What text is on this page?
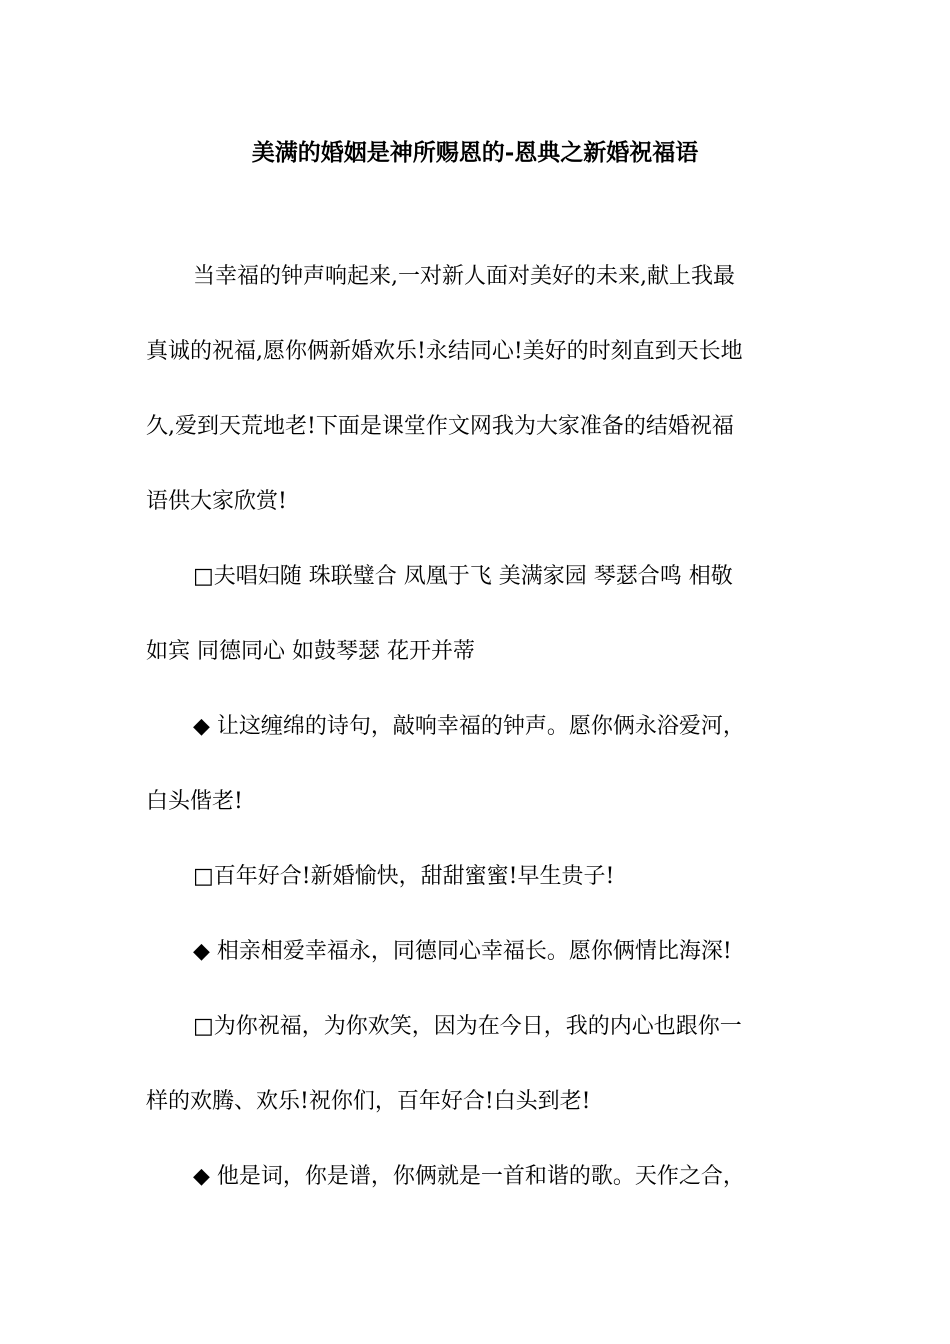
美满的婚姻是神所赐恩的-恩典之新婚祝福语
当幸福的钟声响起来,一对新人面对美好的未来,献上我最
真诚的祝福,愿你俩新婚欢乐!永结同心!美好的时刻直到天长地
久,爱到天荒地老!下面是课堂作文网我为大家准备的结婚祝福
语供大家欣赏!
□夫唱妇随 珠联璧合 凤凰于飞 美满家园 琴瑟合鸣 相敬
如宾 同德同心 如鼓琴瑟 花开并蒂
◆ 让这缠绵的诗句，敲响幸福的钟声。愿你俩永浴爱河，
白头偕老!
□百年好合!新婚愉快，甜甜蜜蜜!早生贵子!
◆ 相亲相爱幸福永，同德同心幸福长。愿你俩情比海深!
□为你祝福，为你欢笑，因为在今日，我的内心也跟你一
样的欢腾、欢乐!祝你们，百年好合!白头到老!
◆ 他是词，你是谱，你俩就是一首和谐的歌。天作之合，
